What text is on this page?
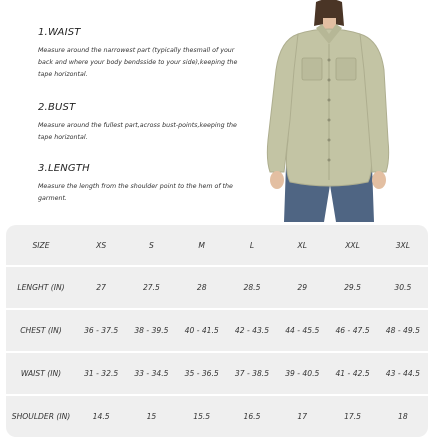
1.WAIST

Measure around the narrowest part (typically thesmall of your back and where your body bendsside to your side),keeping the tape horizontal.

2.BUST

Measure around the fullest part,across bust-points,keeping the tape horizontal.

3.LENGTH

Measure the length from the shoulder point to the hem of the garment.

SIZE	XS	S	M	L	XL	XXL	3XL
LENGHT (IN)	27	27.5	28	28.5	29	29.5	30.5
CHEST (IN)	36 - 37.5	38 - 39.5	40 - 41.5	42 - 43.5	44 - 45.5	46 - 47.5	48 - 49.5
WAIST (IN)	31 - 32.5	33 - 34.5	35 - 36.5	37 - 38.5	39 - 40.5	41 - 42.5	43 - 44.5
SHOULDER (IN)	14.5	15	15.5	16.5	17	17.5	18
